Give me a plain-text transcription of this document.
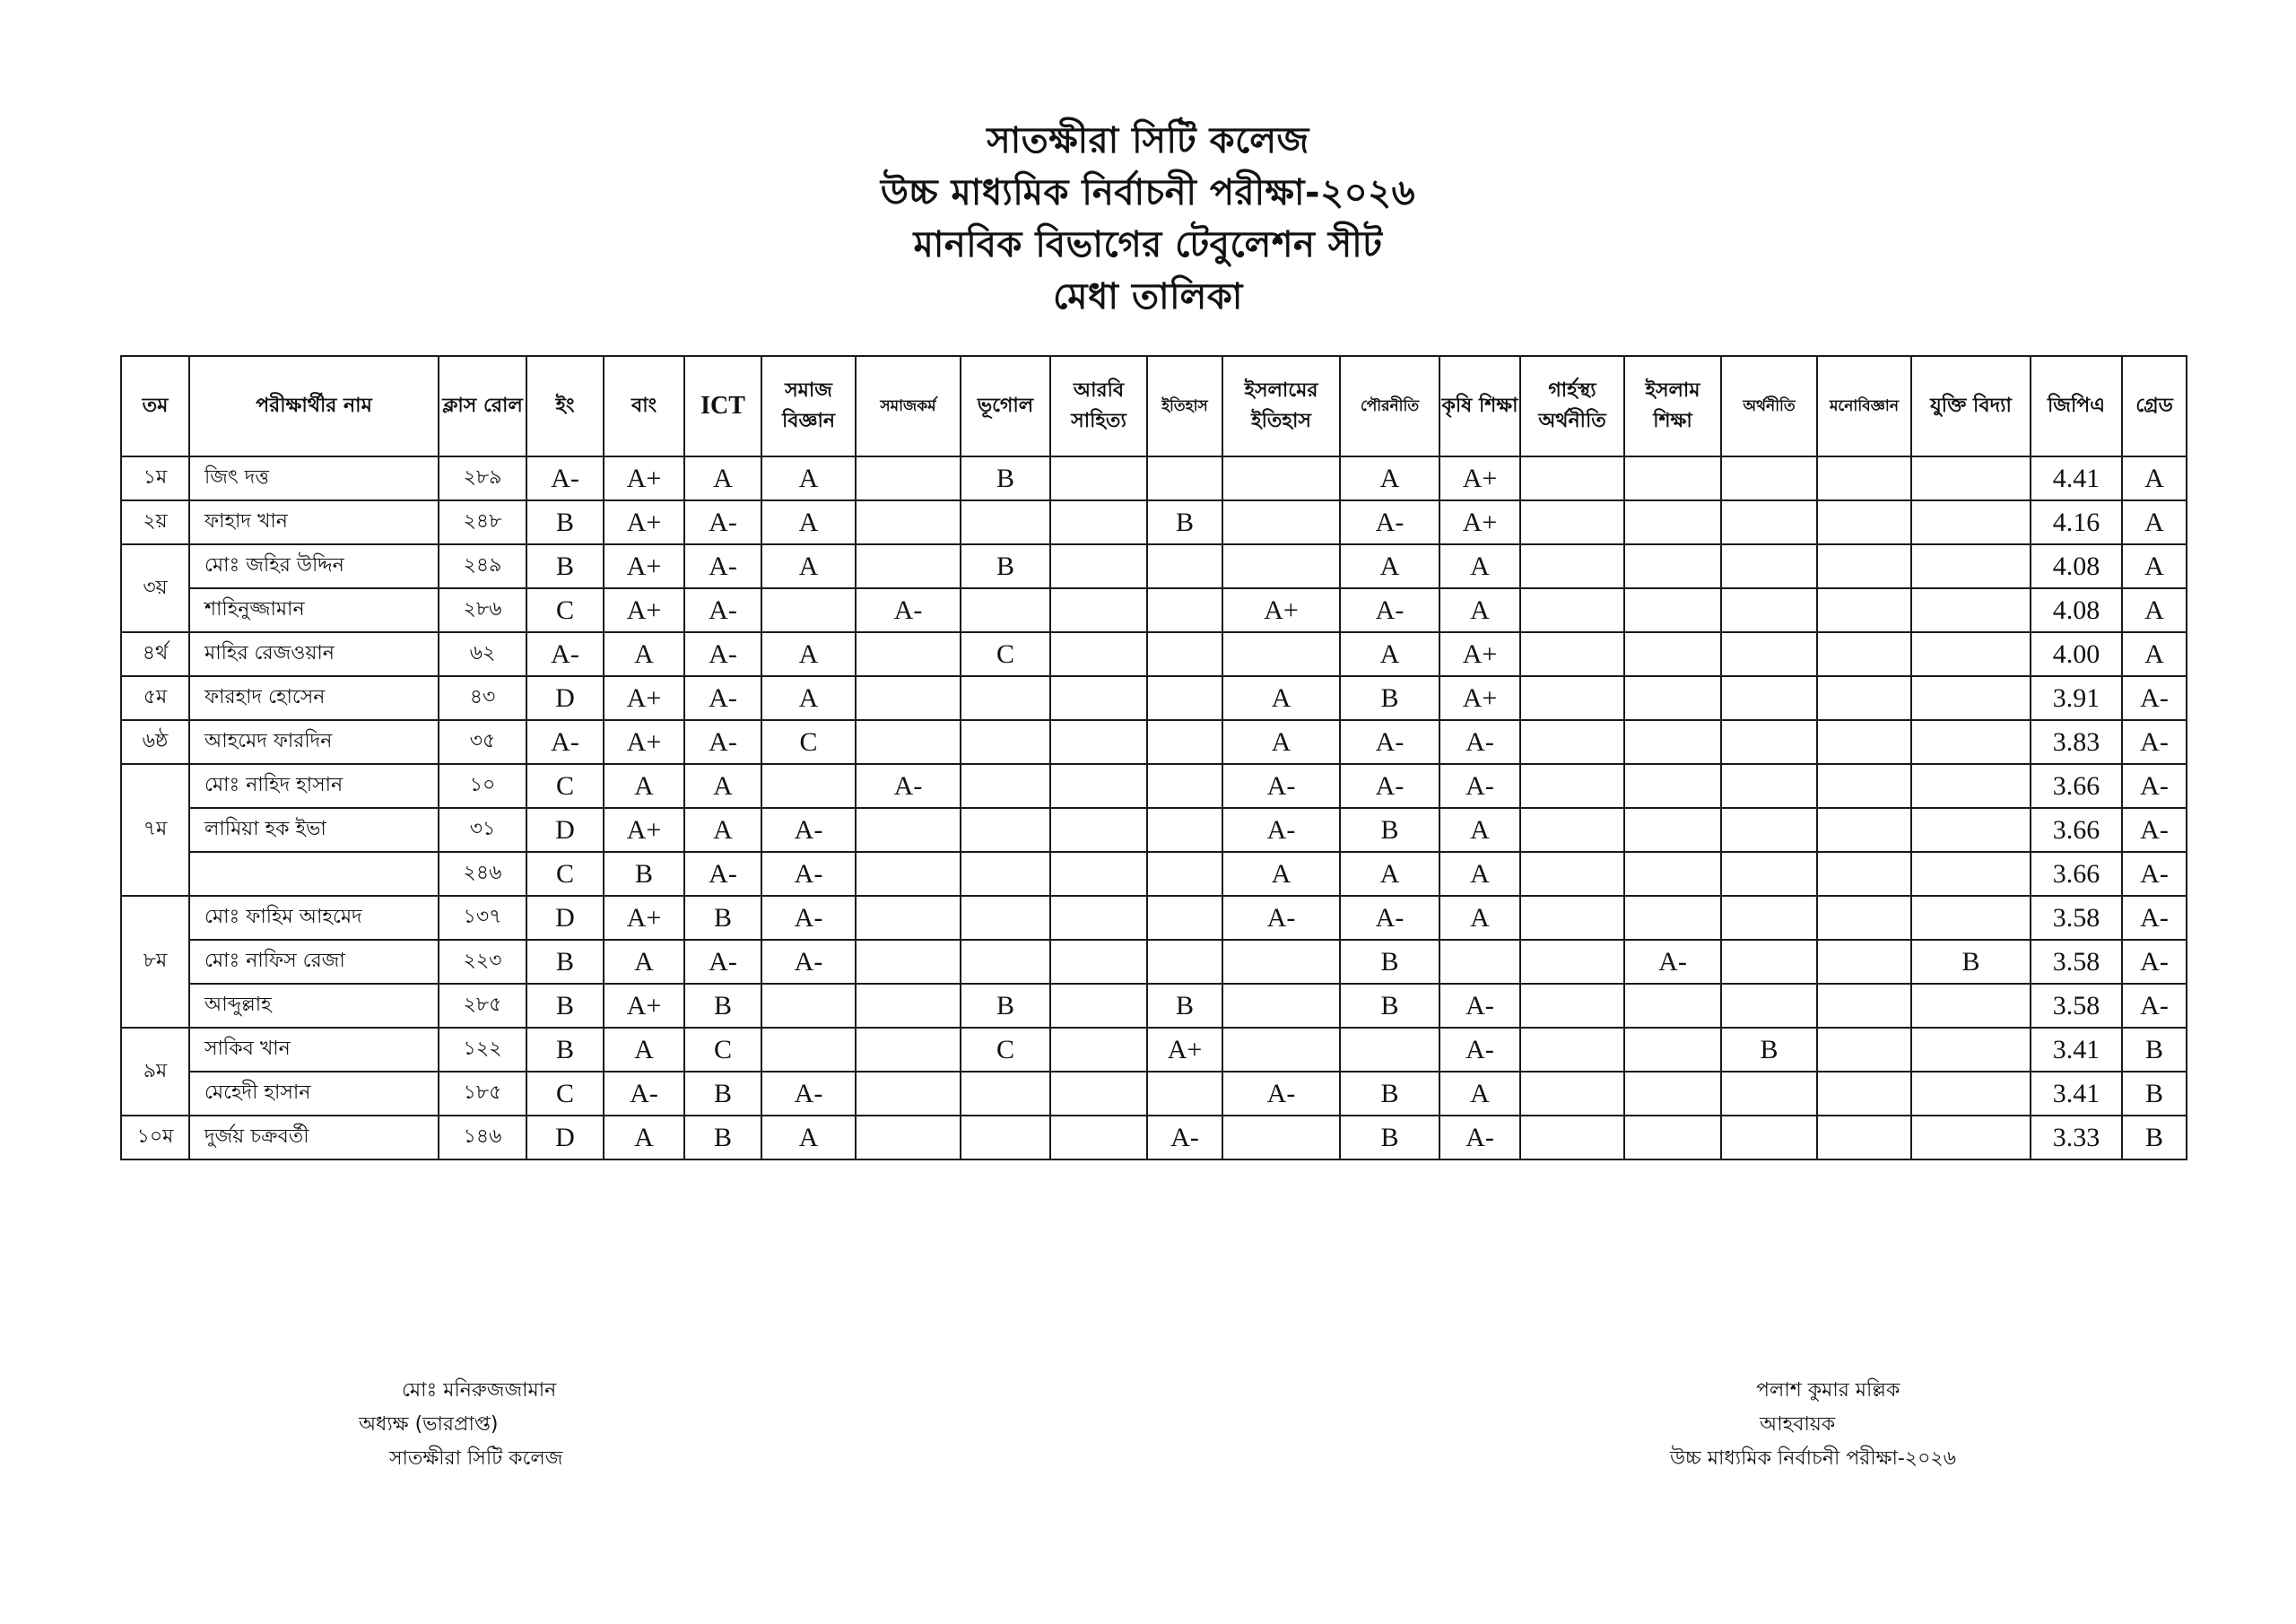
সাতক্ষীরা সিটি কলেজ
উচ্চ মাধ্যমিক নির্বাচনী পরীক্ষা-২০২৬
মানবিক বিভাগের টেবুলেশন সীট
মেধা তালিকা
তম	পরীক্ষার্থীর নাম	ক্লাস রোল	ইং	বাং	ICT	সমাজ বিজ্ঞান	সমাজকর্ম	ভূগোল	আরবি সাহিত্য	ইতিহাস	ইসলামের ইতিহাস	পৌরনীতি	কৃষি শিক্ষা	গার্হস্থ্য অর্থনীতি	ইসলাম শিক্ষা	অর্থনীতি	মনোবিজ্ঞান	যুক্তি বিদ্যা	জিপিএ	গ্রেড
১ম	জিৎ দত্ত	২৮৯	A-	A+	A	A		B				A	A+						4.41	A
২য়	ফাহাদ খান	২৪৮	B	A+	A-	A				B		A-	A+						4.16	A
৩য়	মোঃ জহির উদ্দিন	২৪৯	B	A+	A-	A		B				A	A						4.08	A
	শাহিনুজ্জামান	২৮৬	C	A+	A-		A-				A+	A-	A						4.08	A
৪র্থ	মাহির রেজওয়ান	৬২	A-	A	A-	A		C				A	A+						4.00	A
৫ম	ফারহাদ হোসেন	৪৩	D	A+	A-	A					A	B	A+						3.91	A-
৬ষ্ঠ	আহমেদ ফারদিন	৩৫	A-	A+	A-	C					A	A-	A-						3.83	A-
৭ম	মোঃ নাহিদ হাসান	১০	C	A	A		A-				A-	A-	A-						3.66	A-
	লামিয়া হক ইভা	৩১	D	A+	A	A-					A-	B	A						3.66	A-
		২৪৬	C	B	A-	A-					A	A	A						3.66	A-
৮ম	মোঃ ফাহিম আহমেদ	১৩৭	D	A+	B	A-					A-	A-	A						3.58	A-
	মোঃ নাফিস রেজা	২২৩	B	A	A-	A-						B			A-			B	3.58	A-
	আব্দুল্লাহ	২৮৫	B	A+	B			B		B		B	A-						3.58	A-
৯ম	সাকিব খান	১২২	B	A	C			C		A+			A-			B			3.41	B
	মেহেদী হাসান	১৮৫	C	A-	B	A-					A-	B	A						3.41	B
১০ম	দুর্জয় চক্রবর্তী	১৪৬	D	A	B	A				A-		B	A-						3.33	B
মোঃ মনিরুজজামান
অধ্যক্ষ (ভারপ্রাপ্ত)
সাতক্ষীরা সিটি কলেজ
পলাশ কুমার মল্লিক
আহবায়ক
উচ্চ মাধ্যমিক নির্বাচনী পরীক্ষা-২০২৬
